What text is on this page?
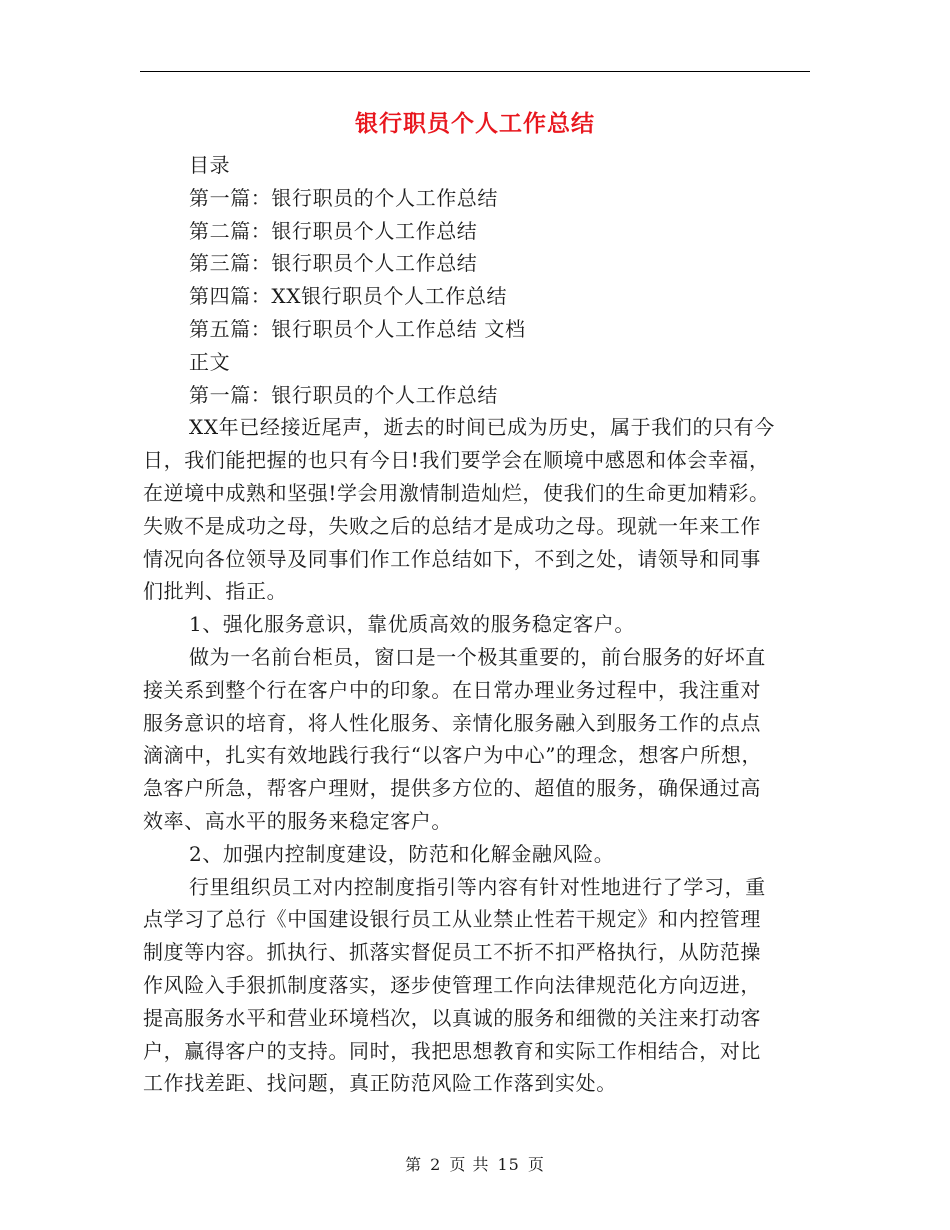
银行职员个人工作总结
目录
第一篇：银行职员的个人工作总结
第二篇：银行职员个人工作总结
第三篇：银行职员个人工作总结
第四篇：XX银行职员个人工作总结
第五篇：银行职员个人工作总结 文档
正文
第一篇：银行职员的个人工作总结
XX年已经接近尾声，逝去的时间已成为历史，属于我们的只有今
日，我们能把握的也只有今日!我们要学会在顺境中感恩和体会幸福，
在逆境中成熟和坚强!学会用激情制造灿烂，使我们的生命更加精彩。
失败不是成功之母，失败之后的总结才是成功之母。现就一年来工作
情况向各位领导及同事们作工作总结如下，不到之处，请领导和同事
们批判、指正。
1、强化服务意识，靠优质高效的服务稳定客户。
做为一名前台柜员，窗口是一个极其重要的，前台服务的好坏直
接关系到整个行在客户中的印象。在日常办理业务过程中，我注重对
服务意识的培育，将人性化服务、亲情化服务融入到服务工作的点点
滴滴中，扎实有效地践行我行“以客户为中心”的理念，想客户所想，
急客户所急，帮客户理财，提供多方位的、超值的服务，确保通过高
效率、高水平的服务来稳定客户。
2、加强内控制度建设，防范和化解金融风险。
行里组织员工对内控制度指引等内容有针对性地进行了学习，重
点学习了总行《中国建设银行员工从业禁止性若干规定》和内控管理
制度等内容。抓执行、抓落实督促员工不折不扣严格执行，从防范操
作风险入手狠抓制度落实，逐步使管理工作向法律规范化方向迈进，
提高服务水平和营业环境档次，以真诚的服务和细微的关注来打动客
户，赢得客户的支持。同时，我把思想教育和实际工作相结合，对比
工作找差距、找问题，真正防范风险工作落到实处。
第 2 页 共 15 页
